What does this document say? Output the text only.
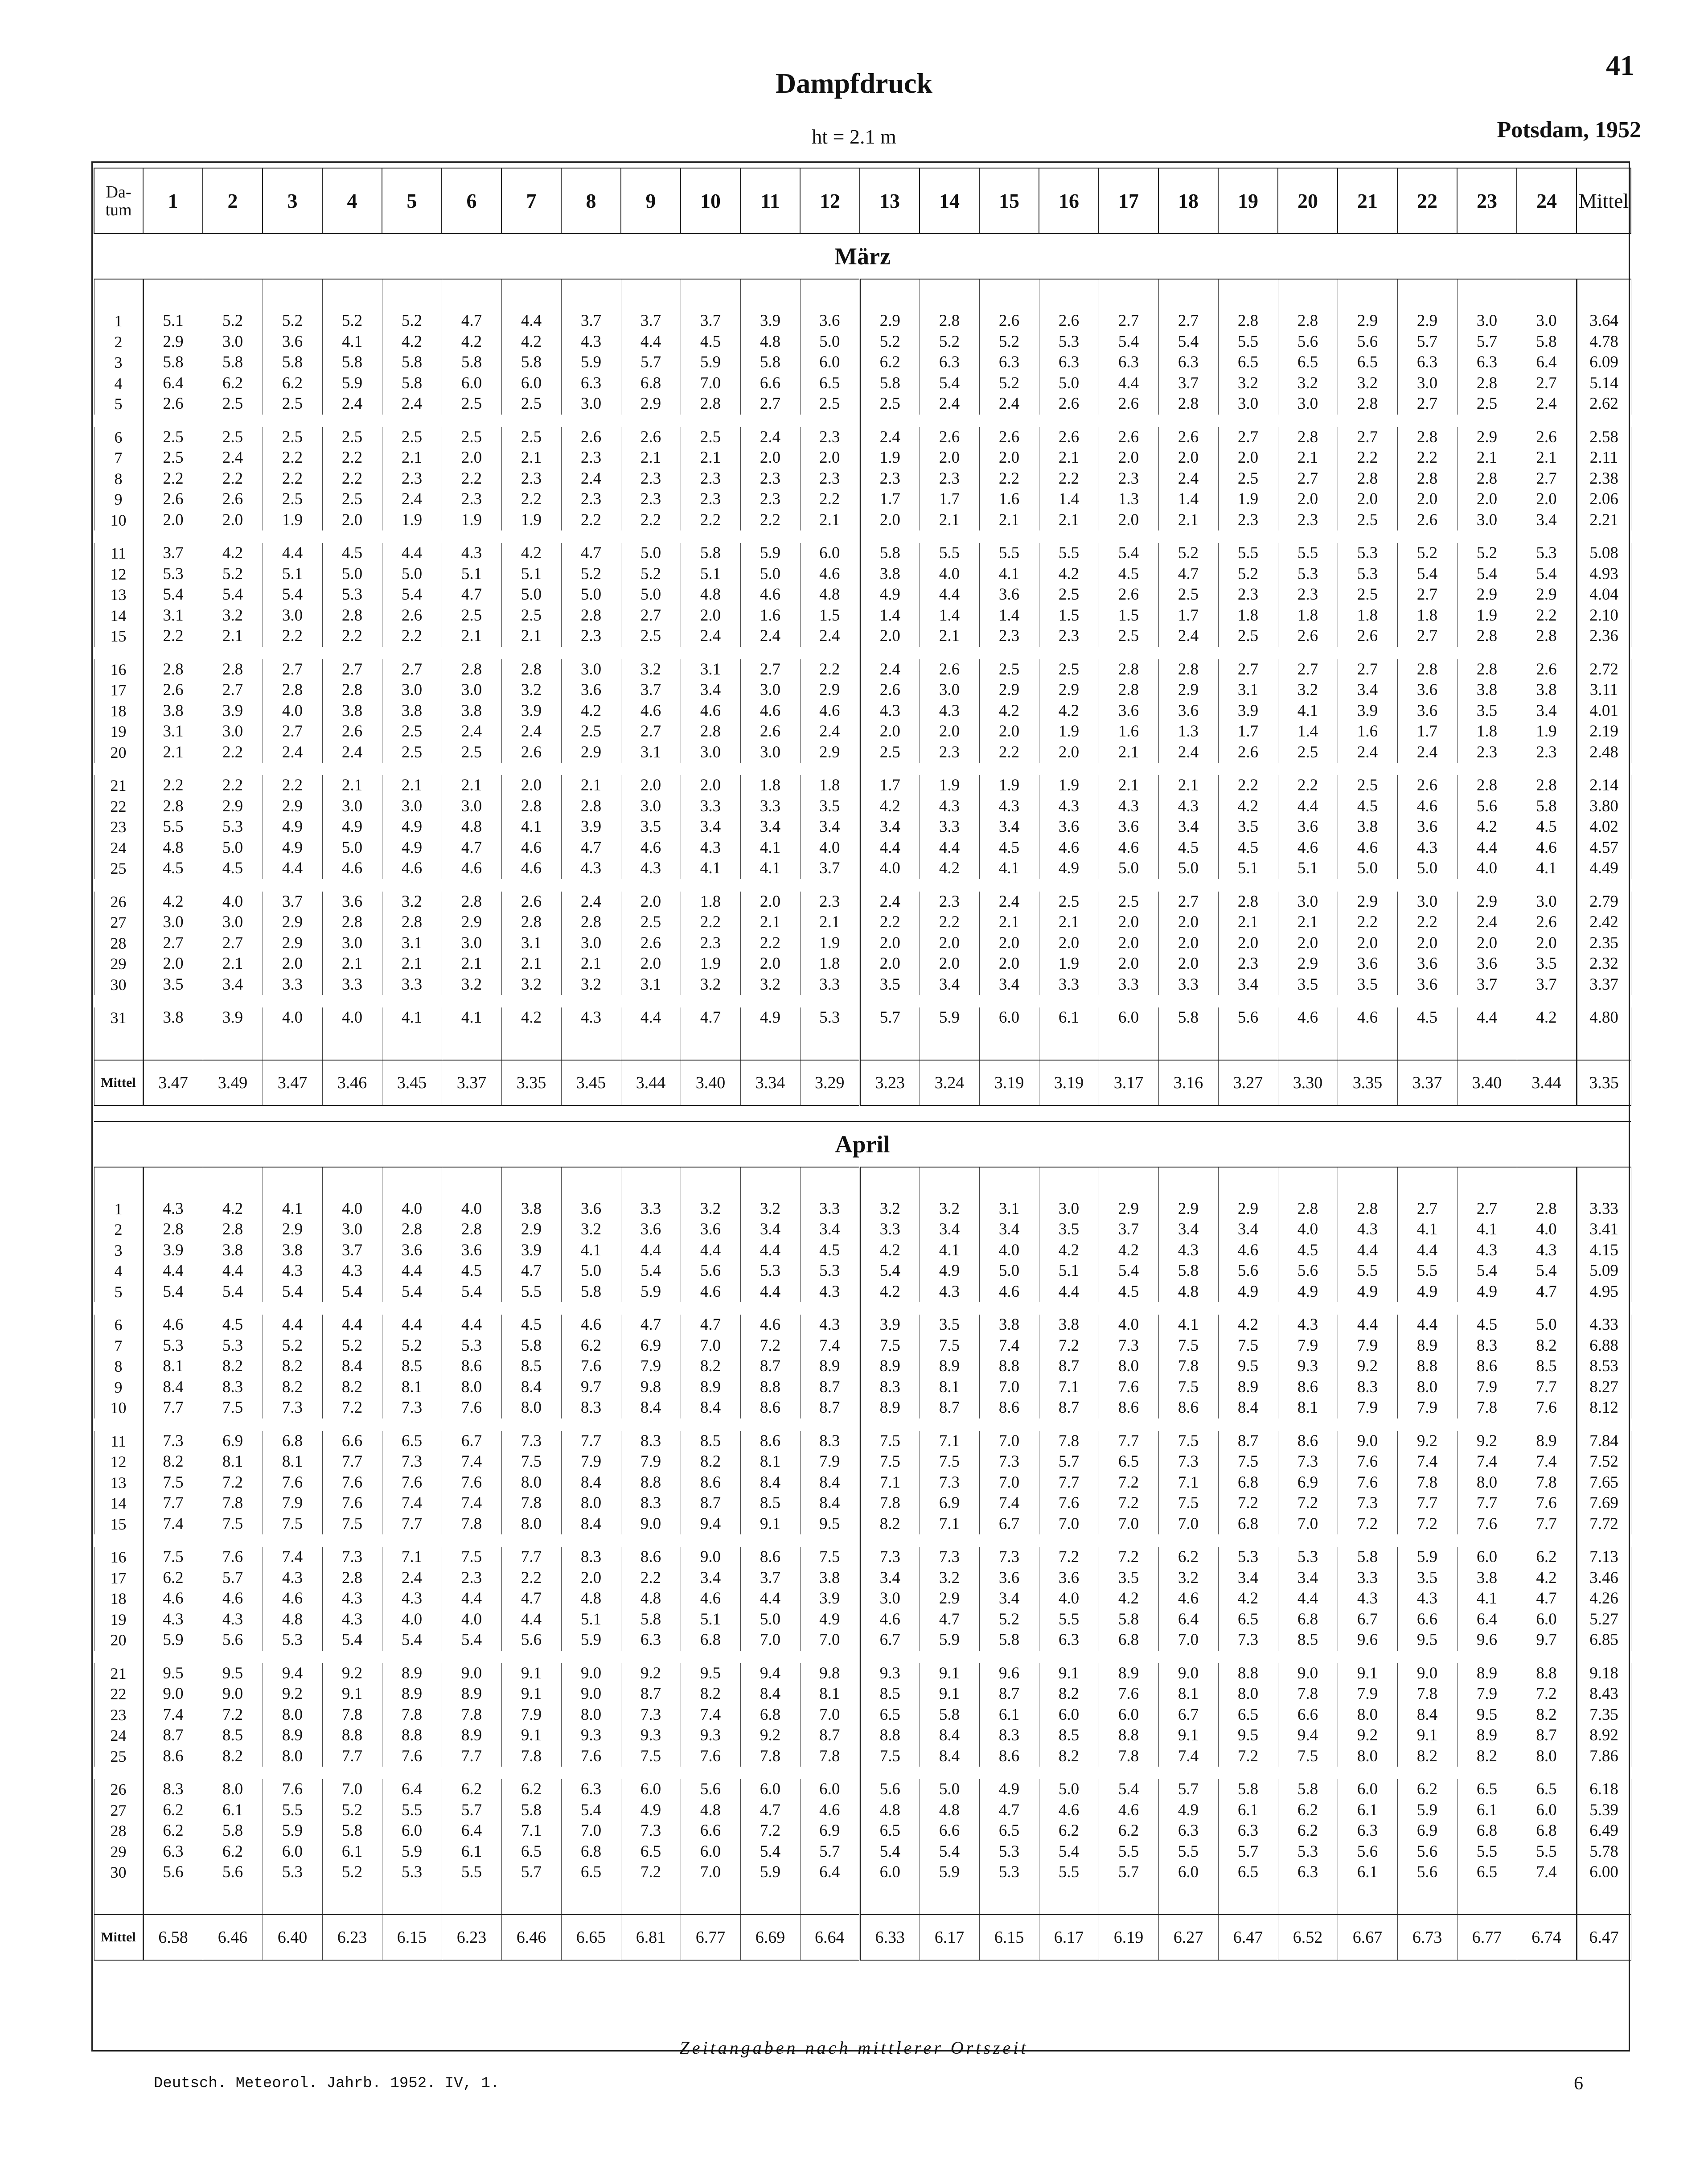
41
Dampfdruck
ht = 2.1 m	Potsdam, 1952
Da-tum	1	2	3	4	5	6	7	8	9	10	11	12	13	14	15	16	17	18	19	20	21	22	23	24	Mittel
März																									

1	5.1	5.2	5.2	5.2	5.2	4.7	4.4	3.7	3.7	3.7	3.9	3.6	2.9	2.8	2.6	2.6	2.7	2.7	2.8	2.8	2.9	2.9	3.0	3.0	3.64
2	2.9	3.0	3.6	4.1	4.2	4.2	4.2	4.3	4.4	4.5	4.8	5.0	5.2	5.2	5.2	5.3	5.4	5.4	5.5	5.6	5.6	5.7	5.7	5.8	4.78
3	5.8	5.8	5.8	5.8	5.8	5.8	5.8	5.9	5.7	5.9	5.8	6.0	6.2	6.3	6.3	6.3	6.3	6.3	6.5	6.5	6.5	6.3	6.3	6.4	6.09
4	6.4	6.2	6.2	5.9	5.8	6.0	6.0	6.3	6.8	7.0	6.6	6.5	5.8	5.4	5.2	5.0	4.4	3.7	3.2	3.2	3.2	3.0	2.8	2.7	5.14
5	2.6	2.5	2.5	2.4	2.4	2.5	2.5	3.0	2.9	2.8	2.7	2.5	2.5	2.4	2.4	2.6	2.6	2.8	3.0	3.0	2.8	2.7	2.5	2.4	2.62

6	2.5	2.5	2.5	2.5	2.5	2.5	2.5	2.6	2.6	2.5	2.4	2.3	2.4	2.6	2.6	2.6	2.6	2.6	2.7	2.8	2.7	2.8	2.9	2.6	2.58
7	2.5	2.4	2.2	2.2	2.1	2.0	2.1	2.3	2.1	2.1	2.0	2.0	1.9	2.0	2.0	2.1	2.0	2.0	2.0	2.1	2.2	2.2	2.1	2.1	2.11
8	2.2	2.2	2.2	2.2	2.3	2.2	2.3	2.4	2.3	2.3	2.3	2.3	2.3	2.3	2.2	2.2	2.3	2.4	2.5	2.7	2.8	2.8	2.8	2.7	2.38
9	2.6	2.6	2.5	2.5	2.4	2.3	2.2	2.3	2.3	2.3	2.3	2.2	1.7	1.7	1.6	1.4	1.3	1.4	1.9	2.0	2.0	2.0	2.0	2.0	2.06
10	2.0	2.0	1.9	2.0	1.9	1.9	1.9	2.2	2.2	2.2	2.2	2.1	2.0	2.1	2.1	2.1	2.0	2.1	2.3	2.3	2.5	2.6	3.0	3.4	2.21

11	3.7	4.2	4.4	4.5	4.4	4.3	4.2	4.7	5.0	5.8	5.9	6.0	5.8	5.5	5.5	5.5	5.4	5.2	5.5	5.5	5.3	5.2	5.2	5.3	5.08
12	5.3	5.2	5.1	5.0	5.0	5.1	5.1	5.2	5.2	5.1	5.0	4.6	3.8	4.0	4.1	4.2	4.5	4.7	5.2	5.3	5.3	5.4	5.4	5.4	4.93
13	5.4	5.4	5.4	5.3	5.4	4.7	5.0	5.0	5.0	4.8	4.6	4.8	4.9	4.4	3.6	2.5	2.6	2.5	2.3	2.3	2.5	2.7	2.9	2.9	4.04
14	3.1	3.2	3.0	2.8	2.6	2.5	2.5	2.8	2.7	2.0	1.6	1.5	1.4	1.4	1.4	1.5	1.5	1.7	1.8	1.8	1.8	1.8	1.9	2.2	2.10
15	2.2	2.1	2.2	2.2	2.2	2.1	2.1	2.3	2.5	2.4	2.4	2.4	2.0	2.1	2.3	2.3	2.5	2.4	2.5	2.6	2.6	2.7	2.8	2.8	2.36

16	2.8	2.8	2.7	2.7	2.7	2.8	2.8	3.0	3.2	3.1	2.7	2.2	2.4	2.6	2.5	2.5	2.8	2.8	2.7	2.7	2.7	2.8	2.8	2.6	2.72
17	2.6	2.7	2.8	2.8	3.0	3.0	3.2	3.6	3.7	3.4	3.0	2.9	2.6	3.0	2.9	2.9	2.8	2.9	3.1	3.2	3.4	3.6	3.8	3.8	3.11
18	3.8	3.9	4.0	3.8	3.8	3.8	3.9	4.2	4.6	4.6	4.6	4.6	4.3	4.3	4.2	4.2	3.6	3.6	3.9	4.1	3.9	3.6	3.5	3.4	4.01
19	3.1	3.0	2.7	2.6	2.5	2.4	2.4	2.5	2.7	2.8	2.6	2.4	2.0	2.0	2.0	1.9	1.6	1.3	1.7	1.4	1.6	1.7	1.8	1.9	2.19
20	2.1	2.2	2.4	2.4	2.5	2.5	2.6	2.9	3.1	3.0	3.0	2.9	2.5	2.3	2.2	2.0	2.1	2.4	2.6	2.5	2.4	2.4	2.3	2.3	2.48

21	2.2	2.2	2.2	2.1	2.1	2.1	2.0	2.1	2.0	2.0	1.8	1.8	1.7	1.9	1.9	1.9	2.1	2.1	2.2	2.2	2.5	2.6	2.8	2.8	2.14
22	2.8	2.9	2.9	3.0	3.0	3.0	2.8	2.8	3.0	3.3	3.3	3.5	4.2	4.3	4.3	4.3	4.3	4.3	4.2	4.4	4.5	4.6	5.6	5.8	3.80
23	5.5	5.3	4.9	4.9	4.9	4.8	4.1	3.9	3.5	3.4	3.4	3.4	3.4	3.3	3.4	3.6	3.6	3.4	3.5	3.6	3.8	3.6	4.2	4.5	4.02
24	4.8	5.0	4.9	5.0	4.9	4.7	4.6	4.7	4.6	4.3	4.1	4.0	4.4	4.4	4.5	4.6	4.6	4.5	4.5	4.6	4.6	4.3	4.4	4.6	4.57
25	4.5	4.5	4.4	4.6	4.6	4.6	4.6	4.3	4.3	4.1	4.1	3.7	4.0	4.2	4.1	4.9	5.0	5.0	5.1	5.1	5.0	5.0	4.0	4.1	4.49

26	4.2	4.0	3.7	3.6	3.2	2.8	2.6	2.4	2.0	1.8	2.0	2.3	2.4	2.3	2.4	2.5	2.5	2.7	2.8	3.0	2.9	3.0	2.9	3.0	2.79
27	3.0	3.0	2.9	2.8	2.8	2.9	2.8	2.8	2.5	2.2	2.1	2.1	2.2	2.2	2.1	2.1	2.0	2.0	2.1	2.1	2.2	2.2	2.4	2.6	2.42
28	2.7	2.7	2.9	3.0	3.1	3.0	3.1	3.0	2.6	2.3	2.2	1.9	2.0	2.0	2.0	2.0	2.0	2.0	2.0	2.0	2.0	2.0	2.0	2.0	2.35
29	2.0	2.1	2.0	2.1	2.1	2.1	2.1	2.1	2.0	1.9	2.0	1.8	2.0	2.0	2.0	1.9	2.0	2.0	2.3	2.9	3.6	3.6	3.6	3.5	2.32
30	3.5	3.4	3.3	3.3	3.3	3.2	3.2	3.2	3.1	3.2	3.2	3.3	3.5	3.4	3.4	3.3	3.3	3.3	3.4	3.5	3.5	3.6	3.7	3.7	3.37

31	3.8	3.9	4.0	4.0	4.1	4.1	4.2	4.3	4.4	4.7	4.9	5.3	5.7	5.9	6.0	6.1	6.0	5.8	5.6	4.6	4.6	4.5	4.4	4.2	4.80

Mittel	3.47	3.49	3.47	3.46	3.45	3.37	3.35	3.45	3.44	3.40	3.34	3.29	3.23	3.24	3.19	3.19	3.17	3.16	3.27	3.30	3.35	3.37	3.40	3.44	3.35

April																									

1	4.3	4.2	4.1	4.0	4.0	4.0	3.8	3.6	3.3	3.2	3.2	3.3	3.2	3.2	3.1	3.0	2.9	2.9	2.9	2.8	2.8	2.7	2.7	2.8	3.33
2	2.8	2.8	2.9	3.0	2.8	2.8	2.9	3.2	3.6	3.6	3.4	3.4	3.3	3.4	3.4	3.5	3.7	3.4	3.4	4.0	4.3	4.1	4.1	4.0	3.41
3	3.9	3.8	3.8	3.7	3.6	3.6	3.9	4.1	4.4	4.4	4.4	4.5	4.2	4.1	4.0	4.2	4.2	4.3	4.6	4.5	4.4	4.4	4.3	4.3	4.15
4	4.4	4.4	4.3	4.3	4.4	4.5	4.7	5.0	5.4	5.6	5.3	5.3	5.4	4.9	5.0	5.1	5.4	5.8	5.6	5.6	5.5	5.5	5.4	5.4	5.09
5	5.4	5.4	5.4	5.4	5.4	5.4	5.5	5.8	5.9	4.6	4.4	4.3	4.2	4.3	4.6	4.4	4.5	4.8	4.9	4.9	4.9	4.9	4.9	4.7	4.95

6	4.6	4.5	4.4	4.4	4.4	4.4	4.5	4.6	4.7	4.7	4.6	4.3	3.9	3.5	3.8	3.8	4.0	4.1	4.2	4.3	4.4	4.4	4.5	5.0	4.33
7	5.3	5.3	5.2	5.2	5.2	5.3	5.8	6.2	6.9	7.0	7.2	7.4	7.5	7.5	7.4	7.2	7.3	7.5	7.5	7.9	7.9	8.9	8.3	8.2	6.88
8	8.1	8.2	8.2	8.4	8.5	8.6	8.5	7.6	7.9	8.2	8.7	8.9	8.9	8.9	8.8	8.7	8.0	7.8	9.5	9.3	9.2	8.8	8.6	8.5	8.53
9	8.4	8.3	8.2	8.2	8.1	8.0	8.4	9.7	9.8	8.9	8.8	8.7	8.3	8.1	7.0	7.1	7.6	7.5	8.9	8.6	8.3	8.0	7.9	7.7	8.27
10	7.7	7.5	7.3	7.2	7.3	7.6	8.0	8.3	8.4	8.4	8.6	8.7	8.9	8.7	8.6	8.7	8.6	8.6	8.4	8.1	7.9	7.9	7.8	7.6	8.12

11	7.3	6.9	6.8	6.6	6.5	6.7	7.3	7.7	8.3	8.5	8.6	8.3	7.5	7.1	7.0	7.8	7.7	7.5	8.7	8.6	9.0	9.2	9.2	8.9	7.84
12	8.2	8.1	8.1	7.7	7.3	7.4	7.5	7.9	7.9	8.2	8.1	7.9	7.5	7.5	7.3	5.7	6.5	7.3	7.5	7.3	7.6	7.4	7.4	7.4	7.52
13	7.5	7.2	7.6	7.6	7.6	7.6	8.0	8.4	8.8	8.6	8.4	8.4	7.1	7.3	7.0	7.7	7.2	7.1	6.8	6.9	7.6	7.8	8.0	7.8	7.65
14	7.7	7.8	7.9	7.6	7.4	7.4	7.8	8.0	8.3	8.7	8.5	8.4	7.8	6.9	7.4	7.6	7.2	7.5	7.2	7.2	7.3	7.7	7.7	7.6	7.69
15	7.4	7.5	7.5	7.5	7.7	7.8	8.0	8.4	9.0	9.4	9.1	9.5	8.2	7.1	6.7	7.0	7.0	7.0	6.8	7.0	7.2	7.2	7.6	7.7	7.72

16	7.5	7.6	7.4	7.3	7.1	7.5	7.7	8.3	8.6	9.0	8.6	7.5	7.3	7.3	7.3	7.2	7.2	6.2	5.3	5.3	5.8	5.9	6.0	6.2	7.13
17	6.2	5.7	4.3	2.8	2.4	2.3	2.2	2.0	2.2	3.4	3.7	3.8	3.4	3.2	3.6	3.6	3.5	3.2	3.4	3.4	3.3	3.5	3.8	4.2	3.46
18	4.6	4.6	4.6	4.3	4.3	4.4	4.7	4.8	4.8	4.6	4.4	3.9	3.0	2.9	3.4	4.0	4.2	4.6	4.2	4.4	4.3	4.3	4.1	4.7	4.26
19	4.3	4.3	4.8	4.3	4.0	4.0	4.4	5.1	5.8	5.1	5.0	4.9	4.6	4.7	5.2	5.5	5.8	6.4	6.5	6.8	6.7	6.6	6.4	6.0	5.27
20	5.9	5.6	5.3	5.4	5.4	5.4	5.6	5.9	6.3	6.8	7.0	7.0	6.7	5.9	5.8	6.3	6.8	7.0	7.3	8.5	9.6	9.5	9.6	9.7	6.85

21	9.5	9.5	9.4	9.2	8.9	9.0	9.1	9.0	9.2	9.5	9.4	9.8	9.3	9.1	9.6	9.1	8.9	9.0	8.8	9.0	9.1	9.0	8.9	8.8	9.18
22	9.0	9.0	9.2	9.1	8.9	8.9	9.1	9.0	8.7	8.2	8.4	8.1	8.5	9.1	8.7	8.2	7.6	8.1	8.0	7.8	7.9	7.8	7.9	7.2	8.43
23	7.4	7.2	8.0	7.8	7.8	7.8	7.9	8.0	7.3	7.4	6.8	7.0	6.5	5.8	6.1	6.0	6.0	6.7	6.5	6.6	8.0	8.4	9.5	8.2	7.35
24	8.7	8.5	8.9	8.8	8.8	8.9	9.1	9.3	9.3	9.3	9.2	8.7	8.8	8.4	8.3	8.5	8.8	9.1	9.5	9.4	9.2	9.1	8.9	8.7	8.92
25	8.6	8.2	8.0	7.7	7.6	7.7	7.8	7.6	7.5	7.6	7.8	7.8	7.5	8.4	8.6	8.2	7.8	7.4	7.2	7.5	8.0	8.2	8.2	8.0	7.86

26	8.3	8.0	7.6	7.0	6.4	6.2	6.2	6.3	6.0	5.6	6.0	6.0	5.6	5.0	4.9	5.0	5.4	5.7	5.8	5.8	6.0	6.2	6.5	6.5	6.18
27	6.2	6.1	5.5	5.2	5.5	5.7	5.8	5.4	4.9	4.8	4.7	4.6	4.8	4.8	4.7	4.6	4.6	4.9	6.1	6.2	6.1	5.9	6.1	6.0	5.39
28	6.2	5.8	5.9	5.8	6.0	6.4	7.1	7.0	7.3	6.6	7.2	6.9	6.5	6.6	6.5	6.2	6.2	6.3	6.3	6.2	6.3	6.9	6.8	6.8	6.49
29	6.3	6.2	6.0	6.1	5.9	6.1	6.5	6.8	6.5	6.0	5.4	5.7	5.4	5.4	5.3	5.4	5.5	5.5	5.7	5.3	5.6	5.6	5.5	5.5	5.78
30	5.6	5.6	5.3	5.2	5.3	5.5	5.7	6.5	7.2	7.0	5.9	6.4	6.0	5.9	5.3	5.5	5.7	6.0	6.5	6.3	6.1	5.6	6.5	7.4	6.00

Mittel	6.58	6.46	6.40	6.23	6.15	6.23	6.46	6.65	6.81	6.77	6.69	6.64	6.33	6.17	6.15	6.17	6.19	6.27	6.47	6.52	6.67	6.73	6.77	6.74	6.47
Zeitangaben nach mittlerer Ortszeit
Deutsch. Meteorol. Jahrb. 1952. IV, 1.	6
